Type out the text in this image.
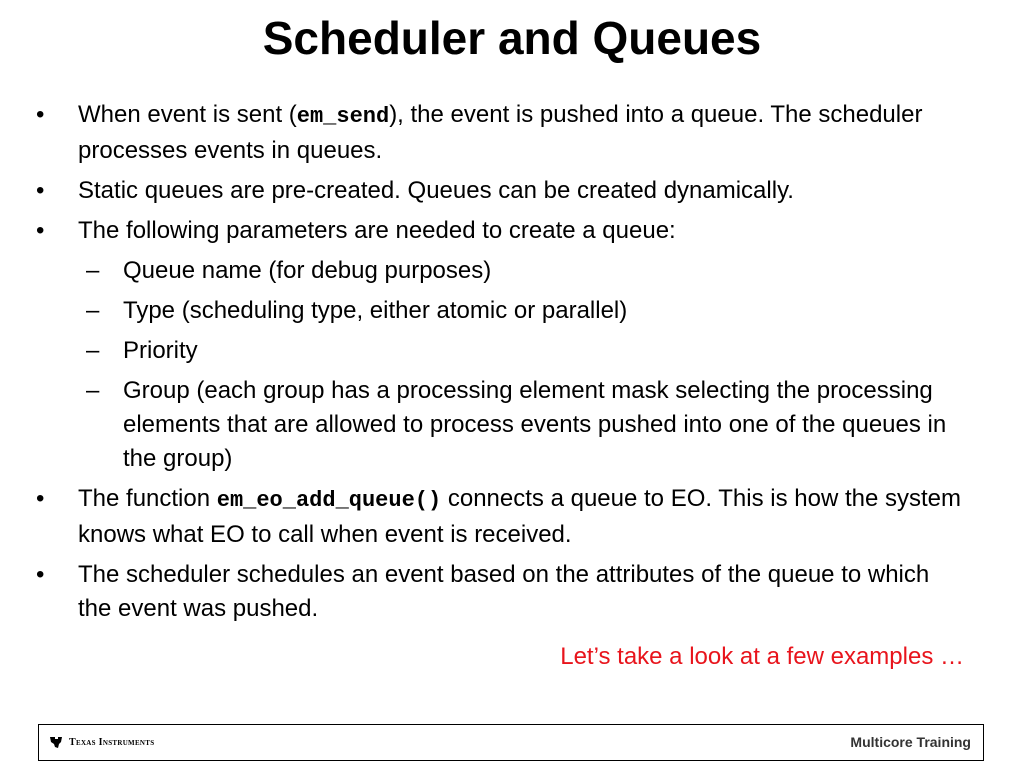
Scheduler and Queues
•	When event is sent (em_send), the event is pushed into a queue. The scheduler processes events in queues.
•	Static queues are pre-created. Queues can be created dynamically.
•	The following parameters are needed to create a queue:
– Queue name (for debug purposes)
– Type (scheduling type, either atomic or parallel)
– Priority
– Group (each group has a processing element mask selecting the processing elements that are allowed to process events pushed into one of the queues in the group)
•	The function em_eo_add_queue() connects a queue to EO. This is how the system knows what EO to call when event is received.
•	The scheduler schedules an event based on the attributes of the queue to which the event was pushed.
Let’s take a look at a few examples …
Texas Instruments	Multicore Training
